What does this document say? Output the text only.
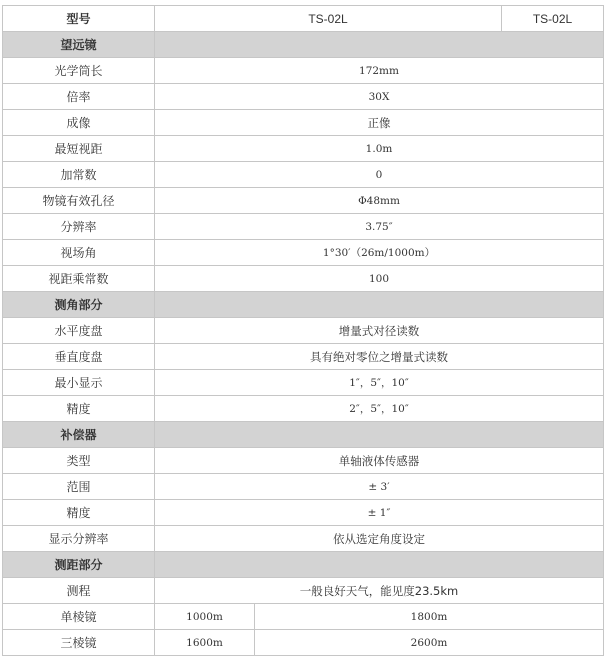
型号	TS-02L		TS-02L
望远镜			
光学筒长	172mm		
倍率	30X		
成像	正像		
最短视距	1.0m		
加常数	0		
物镜有效孔径	Φ48mm		
分辨率	3.75″		
视场角	1°30′（26m/1000m）		
视距乘常数	100		
测角部分			
水平度盘	增量式对径读数		
垂直度盘	具有绝对零位之增量式读数		
最小显示	1″，5″，10″		
精度	2″，5″，10″		
补偿器			
类型	单轴液体传感器		
范围	± 3′		
精度	± 1″		
显示分辨率	依从选定角度设定		
测距部分			
测程	一般良好天气，能见度23.5km		
单棱镜	1000m	1800m	
三棱镜	1600m	2600m	
